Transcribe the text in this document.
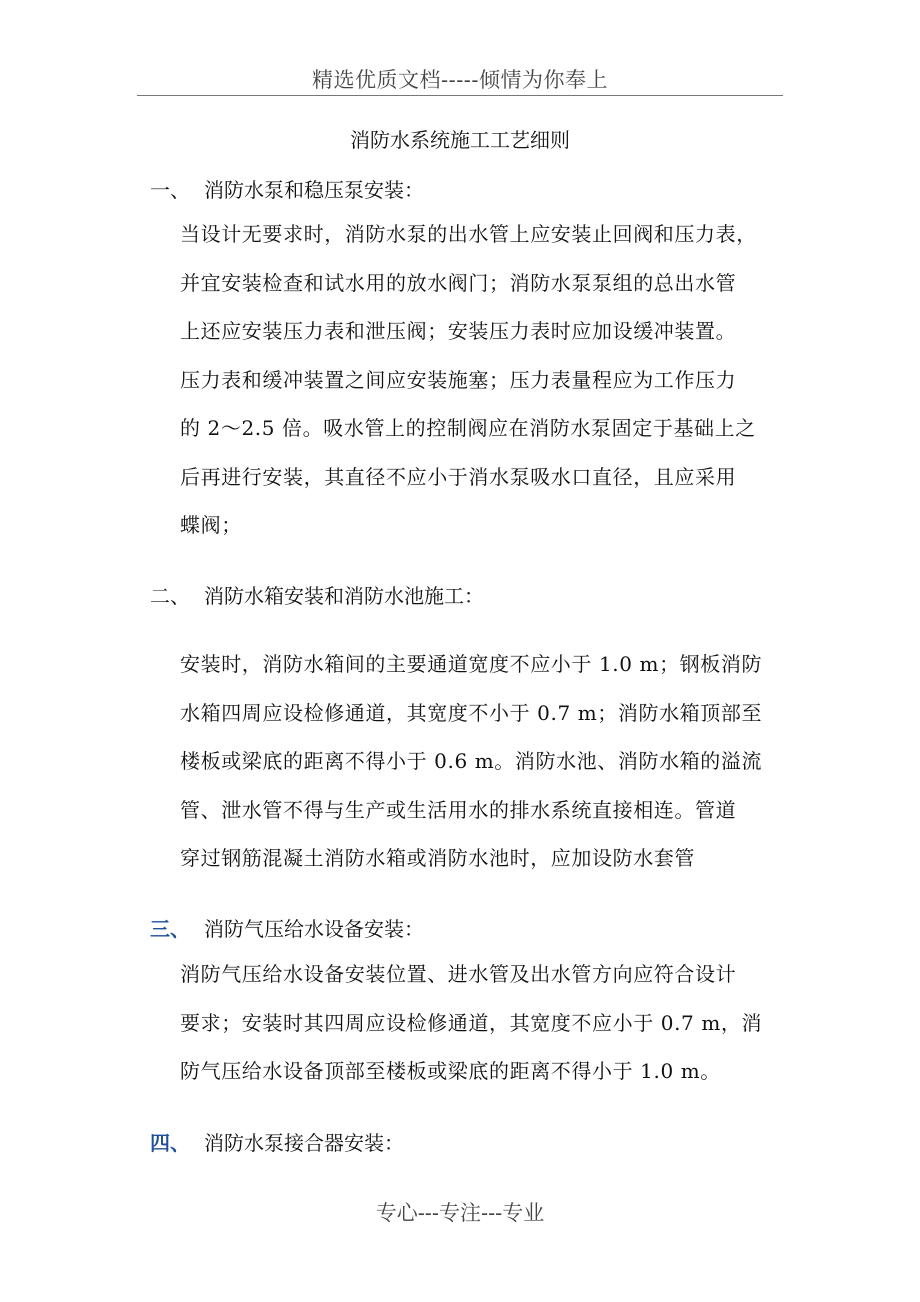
精选优质文档-----倾情为你奉上
消防水系统施工工艺细则
一、 消防水泵和稳压泵安装：
当设计无要求时，消防水泵的出水管上应安装止回阀和压力表，
并宜安装检查和试水用的放水阀门；消防水泵泵组的总出水管
上还应安装压力表和泄压阀；安装压力表时应加设缓冲装置。
压力表和缓冲装置之间应安装施塞；压力表量程应为工作压力
的 2～2.5 倍。吸水管上的控制阀应在消防水泵固定于基础上之
后再进行安装，其直径不应小于消水泵吸水口直径，且应采用
蝶阀；
二、 消防水箱安装和消防水池施工：
安装时，消防水箱间的主要通道宽度不应小于 1.0 m；钢板消防
水箱四周应设检修通道，其宽度不小于 0.7 m；消防水箱顶部至
楼板或梁底的距离不得小于 0.6 m。消防水池、消防水箱的溢流
管、泄水管不得与生产或生活用水的排水系统直接相连。管道
穿过钢筋混凝土消防水箱或消防水池时，应加设防水套管
三、 消防气压给水设备安装：
消防气压给水设备安装位置、进水管及出水管方向应符合设计
要求；安装时其四周应设检修通道，其宽度不应小于 0.7 m，消
防气压给水设备顶部至楼板或梁底的距离不得小于 1.0 m。
四、 消防水泵接合器安装：
专心---专注---专业
